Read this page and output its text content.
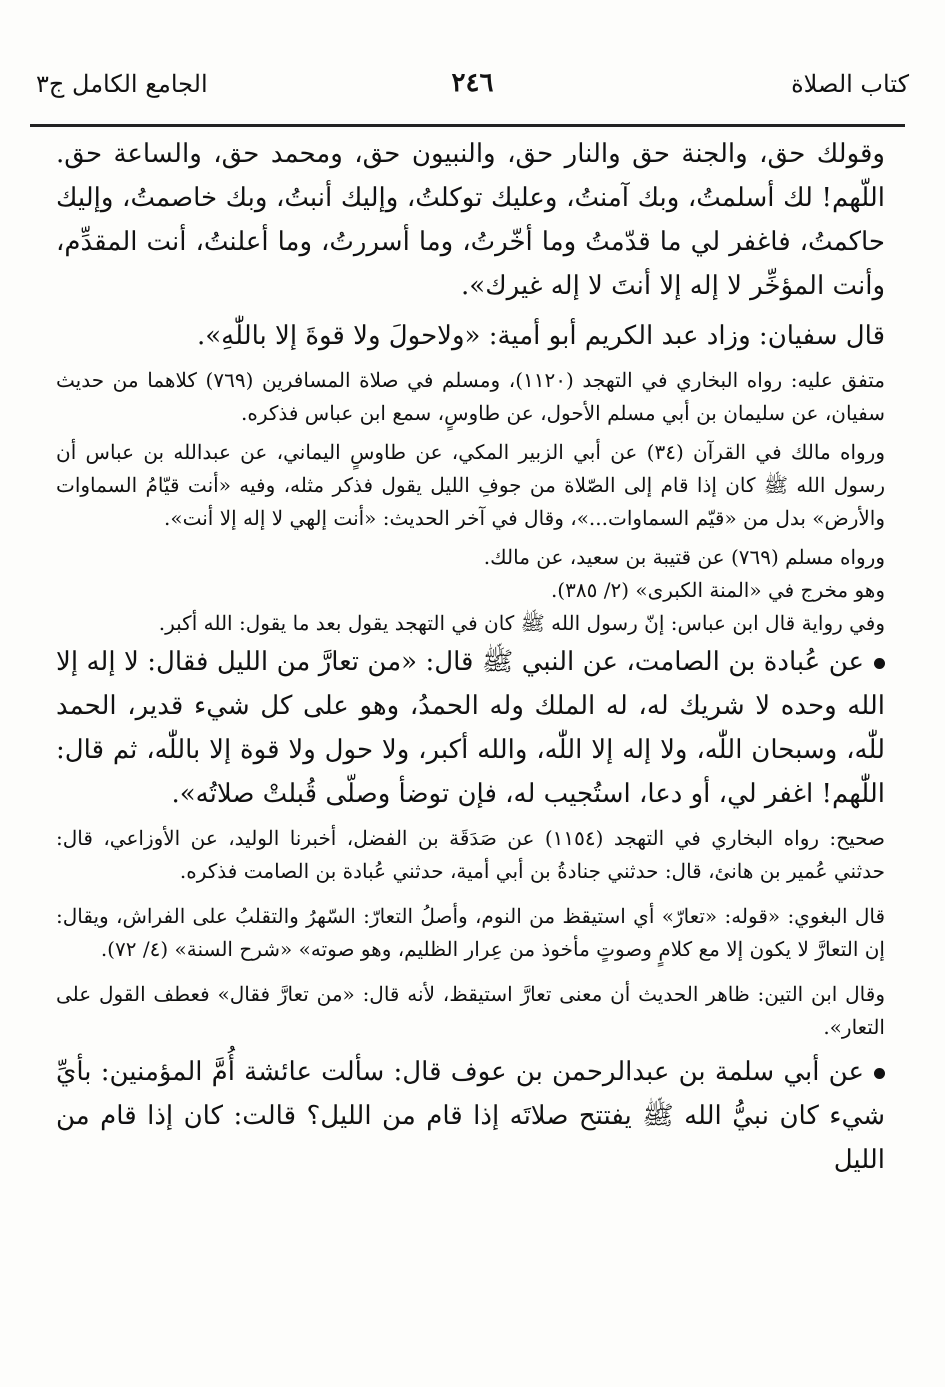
كتاب الصلاة
٢٤٦
الجامع الكامل ج٣

وقولك حق، والجنة حق والنار حق، والنبيون حق، ومحمد حق، والساعة حق. اللّهم! لك أسلمتُ، وبك آمنتُ، وعليك توكلتُ، وإليك أنبتُ، وبك خاصمتُ، وإليك حاكمتُ، فاغفر لي ما قدّمتُ وما أخّرتُ، وما أسررتُ، وما أعلنتُ، أنت المقدِّم، وأنت المؤخِّر لا إله إلا أنتَ لا إله غيرك».

قال سفيان: وزاد عبد الكريم أبو أمية: «ولاحولَ ولا قوةَ إلا باللّٰهِ».

متفق عليه: رواه البخاري في التهجد (١١٢٠)، ومسلم في صلاة المسافرين (٧٦٩) كلاهما من حديث سفيان، عن سليمان بن أبي مسلم الأحول، عن طاوسٍ، سمع ابن عباس فذكره.

ورواه مالك في القرآن (٣٤) عن أبي الزبير المكي، عن طاوسٍ اليماني، عن عبدالله بن عباس أن رسول الله ﷺ كان إذا قام إلى الصّلاة من جوفِ الليل يقول فذكر مثله، وفيه «أنت قيّامُ السماوات والأرض» بدل من «قيّم السماوات...»، وقال في آخر الحديث: «أنت إلهي لا إله إلا أنت».

ورواه مسلم (٧٦٩) عن قتيبة بن سعيد، عن مالك.

وهو مخرج في «المنة الكبرى» (٢/ ٣٨٥).

وفي رواية قال ابن عباس: إنّ رسول الله ﷺ كان في التهجد يقول بعد ما يقول: الله أكبر.

عن عُبادة بن الصامت، عن النبي ﷺ قال: «من تعارَّ من الليل فقال: لا إله إلا الله وحده لا شريك له، له الملك وله الحمدُ، وهو على كل شيء قدير، الحمد للّٰه، وسبحان اللّٰه، ولا إله إلا اللّٰه، والله أكبر، ولا حول ولا قوة إلا باللّٰه، ثم قال: اللّٰهم! اغفر لي، أو دعا، استُجيب له، فإن توضأ وصلّى قُبلتْ صلاتُه».

صحيح: رواه البخاري في التهجد (١١٥٤) عن صَدَقَة بن الفضل، أخبرنا الوليد، عن الأوزاعي، قال: حدثني عُمير بن هانئ، قال: حدثني جنادةُ بن أبي أمية، حدثني عُبادة بن الصامت فذكره.

قال البغوي: «قوله: «تعارّ» أي استيقظ من النوم، وأصلُ التعارّ: السّهرُ والتقلبُ على الفراش، ويقال: إن التعارَّ لا يكون إلا مع كلامٍ وصوتٍ مأخوذ من عِرار الظليم، وهو صوته» «شرح السنة» (٤/ ٧٢).

وقال ابن التين: ظاهر الحديث أن معنى تعارَّ استيقظ، لأنه قال: «من تعارَّ فقال» فعطف القول على التعار».

عن أبي سلمة بن عبدالرحمن بن عوف قال: سألت عائشة أُمَّ المؤمنين: بأيِّ شيء كان نبيُّ الله ﷺ يفتتح صلاتَه إذا قام من الليل؟ قالت: كان إذا قام من الليل
